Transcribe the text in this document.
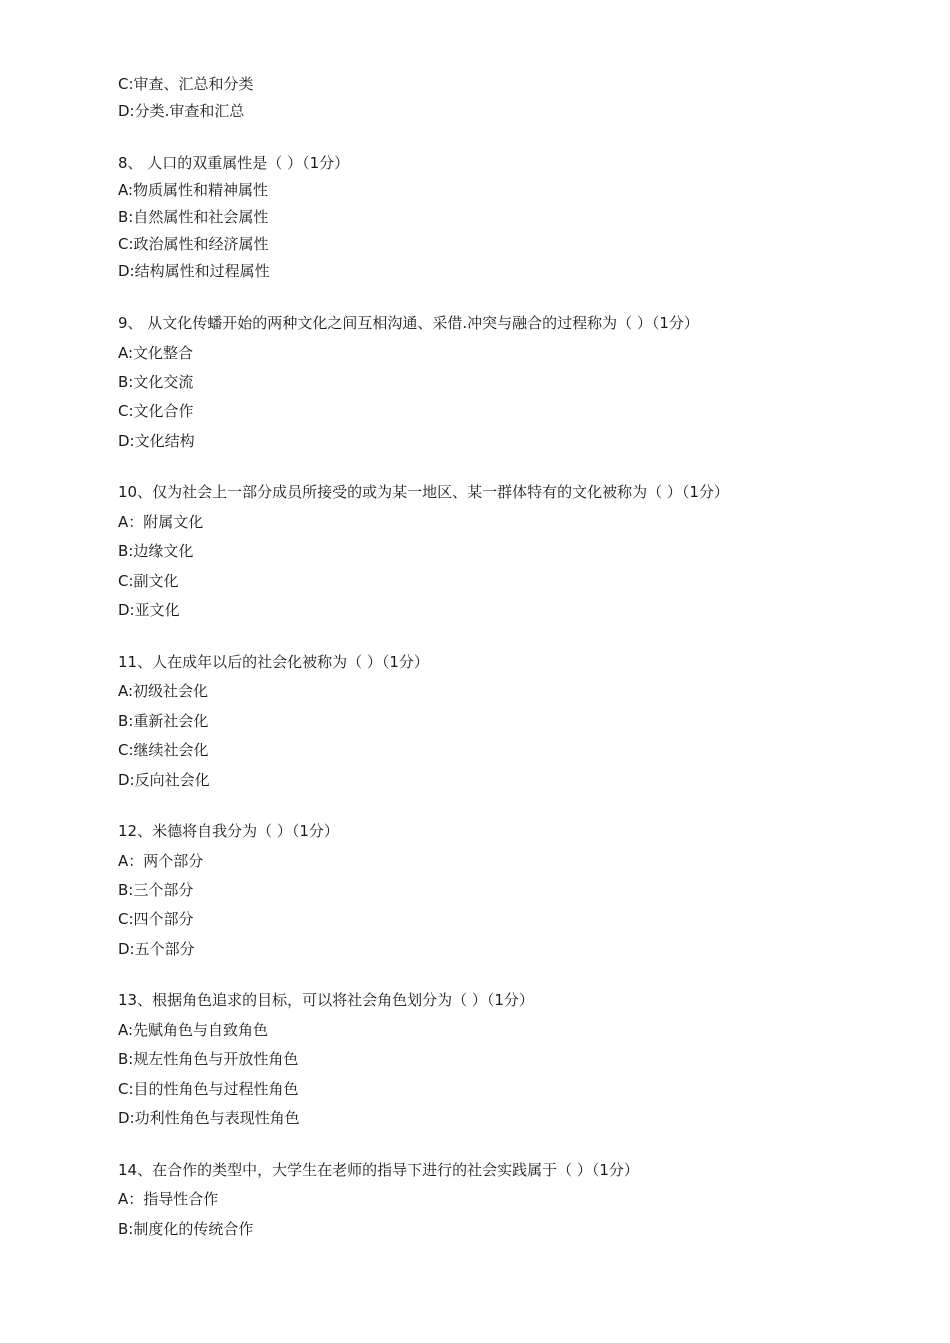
C:审查、汇总和分类
D:分类.审查和汇总
8、 人口的双重属性是（ ）（1分）
A:物质属性和精神属性
B:自然属性和社会属性
C:政治属性和经济属性
D:结构属性和过程属性
9、 从文化传蟠开始的两种文化之间互相沟通、采借.冲突与融合的过程称为（ ）（1分）
A:文化整合
B:文化交流
C:文化合作
D:文化结构
10、仅为社会上一部分成员所接受的或为某一地区、某一群体特有的文化被称为（ ）（1分）
A：附属文化
B:边缘文化
C:副文化
D:亚文化
11、人在成年以后的社会化被称为（ ）（1分）
A:初级社会化
B:重新社会化
C:继续社会化
D:反向社会化
12、米德将自我分为（ ）（1分）
A：两个部分
B:三个部分
C:四个部分
D:五个部分
13、根据角色追求的目标，可以将社会角色划分为（ ）（1分）
A:先赋角色与自致角色
B:规左性角色与开放性角色
C:目的性角色与过程性角色
D:功利性角色与表现性角色
14、在合作的类型中，大学生在老师的指导下进行的社会实践属于（ ）（1分）
A：指导性合作
B:制度化的传统合作
